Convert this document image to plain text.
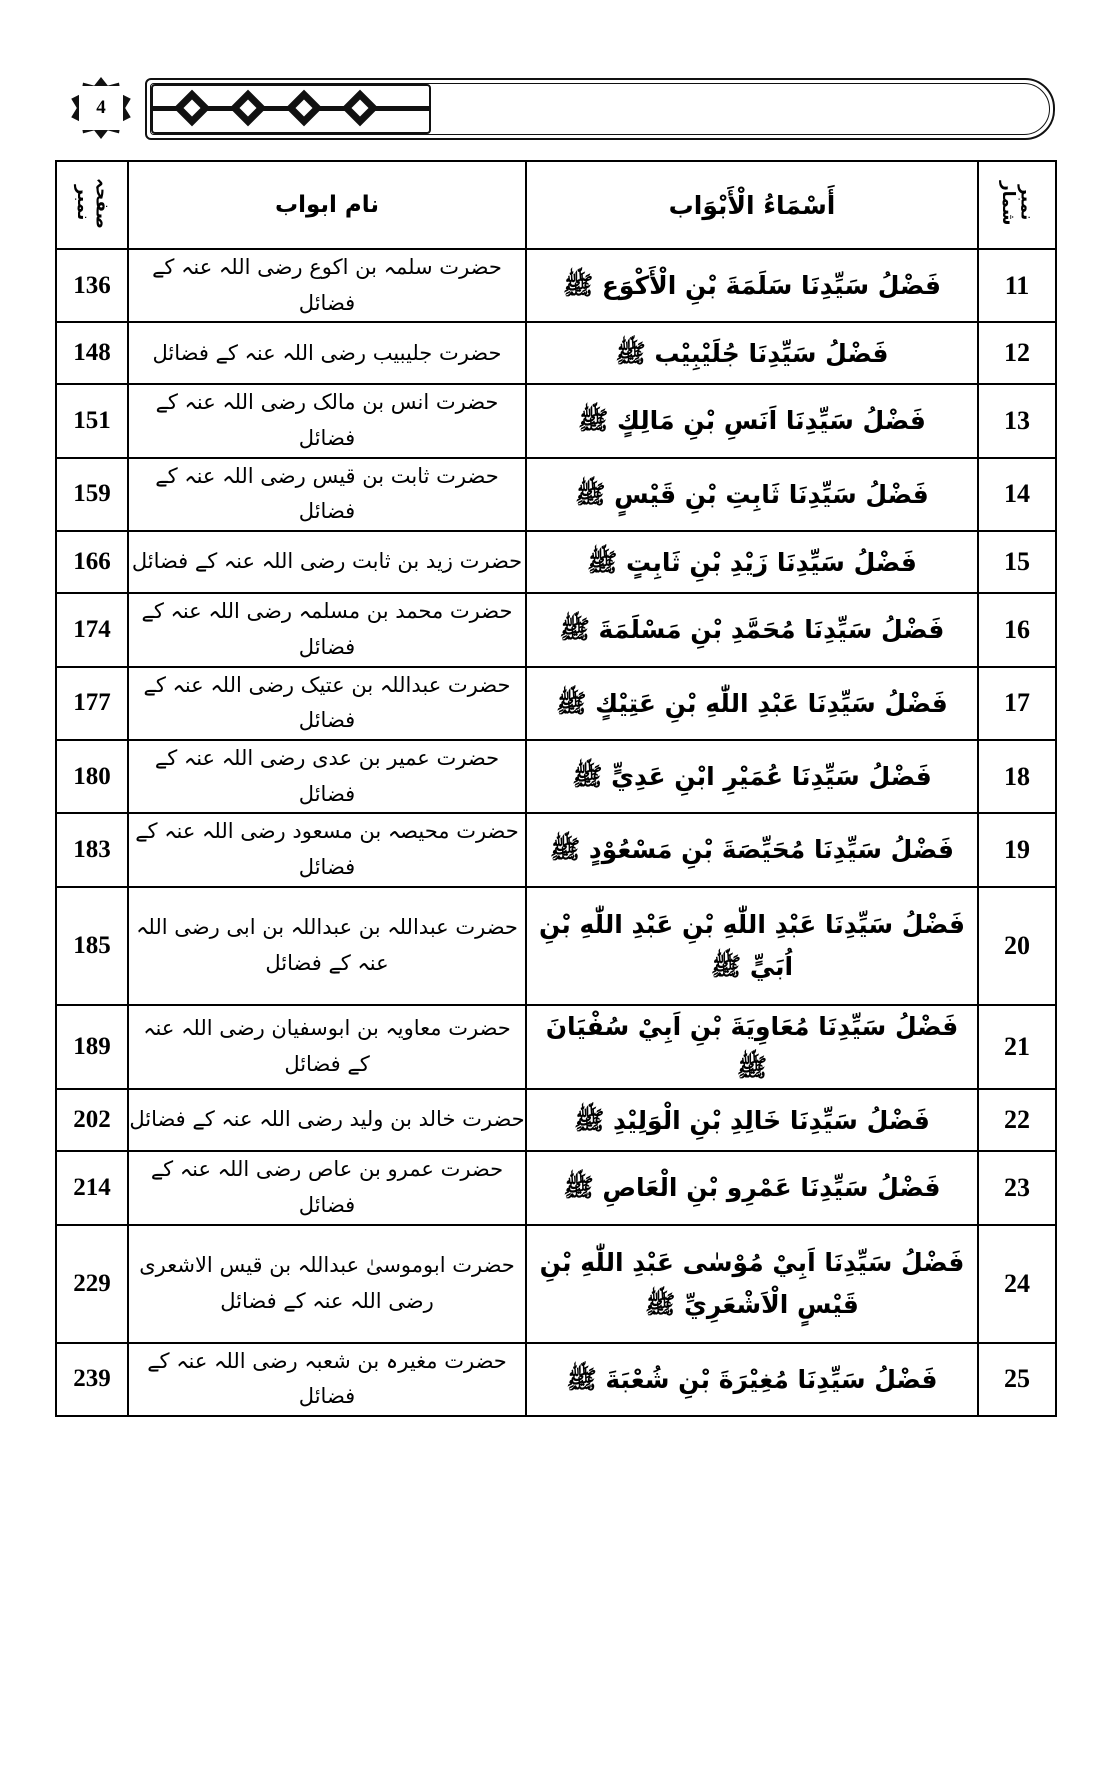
4
نمبر شمار	أَسْمَاءُ الْأَبْوَاب	نام ابواب	صفحہ نمبر
11	فَضْلُ سَيِّدِنَا سَلَمَةَ بْنِ الْأَكْوَع ﷺ	حضرت سلمہ بن اکوع رضی اللہ عنہ کے فضائل	136
12	فَضْلُ سَيِّدِنَا جُلَيْبِيْب ﷺ	حضرت جلیبیب رضی اللہ عنہ کے فضائل	148
13	فَضْلُ سَيِّدِنَا اَنَسِ بْنِ مَالِكٍ ﷺ	حضرت انس بن مالک رضی اللہ عنہ کے فضائل	151
14	فَضْلُ سَيِّدِنَا ثَابِتِ بْنِ قَيْسٍ ﷺ	حضرت ثابت بن قیس رضی اللہ عنہ کے فضائل	159
15	فَضْلُ سَيِّدِنَا زَيْدِ بْنِ ثَابِتٍ ﷺ	حضرت زید بن ثابت رضی اللہ عنہ کے فضائل	166
16	فَضْلُ سَيِّدِنَا مُحَمَّدِ بْنِ مَسْلَمَةَ ﷺ	حضرت محمد بن مسلمہ رضی اللہ عنہ کے فضائل	174
17	فَضْلُ سَيِّدِنَا عَبْدِ اللّٰهِ بْنِ عَتِيْكٍ ﷺ	حضرت عبداللہ بن عتیک رضی اللہ عنہ کے فضائل	177
18	فَضْلُ سَيِّدِنَا عُمَيْرِ ابْنِ عَدِيٍّ ﷺ	حضرت عمیر بن عدی رضی اللہ عنہ کے فضائل	180
19	فَضْلُ سَيِّدِنَا مُحَيِّصَةَ بْنِ مَسْعُوْدٍ ﷺ	حضرت محیصہ بن مسعود رضی اللہ عنہ کے فضائل	183
20	فَضْلُ سَيِّدِنَا عَبْدِ اللّٰهِ بْنِ عَبْدِ اللّٰهِ بْنِ اُبَيٍّ ﷺ	حضرت عبداللہ بن عبداللہ بن ابی رضی اللہ عنہ کے فضائل	185
21	فَضْلُ سَيِّدِنَا مُعَاوِيَةَ بْنِ اَبِيْ سُفْيَانَ ﷺ	حضرت معاویہ بن ابوسفیان رضی اللہ عنہ کے فضائل	189
22	فَضْلُ سَيِّدِنَا خَالِدِ بْنِ الْوَلِيْدِ ﷺ	حضرت خالد بن ولید رضی اللہ عنہ کے فضائل	202
23	فَضْلُ سَيِّدِنَا عَمْرِو بْنِ الْعَاصِ ﷺ	حضرت عمرو بن عاص رضی اللہ عنہ کے فضائل	214
24	فَضْلُ سَيِّدِنَا اَبِيْ مُوْسٰى عَبْدِ اللّٰهِ بْنِ قَيْسٍ الْاَشْعَرِيِّ ﷺ	حضرت ابوموسیٰ عبداللہ بن قیس الاشعری رضی اللہ عنہ کے فضائل	229
25	فَضْلُ سَيِّدِنَا مُغِيْرَةَ بْنِ شُعْبَةَ ﷺ	حضرت مغیرہ بن شعبہ رضی اللہ عنہ کے فضائل	239
